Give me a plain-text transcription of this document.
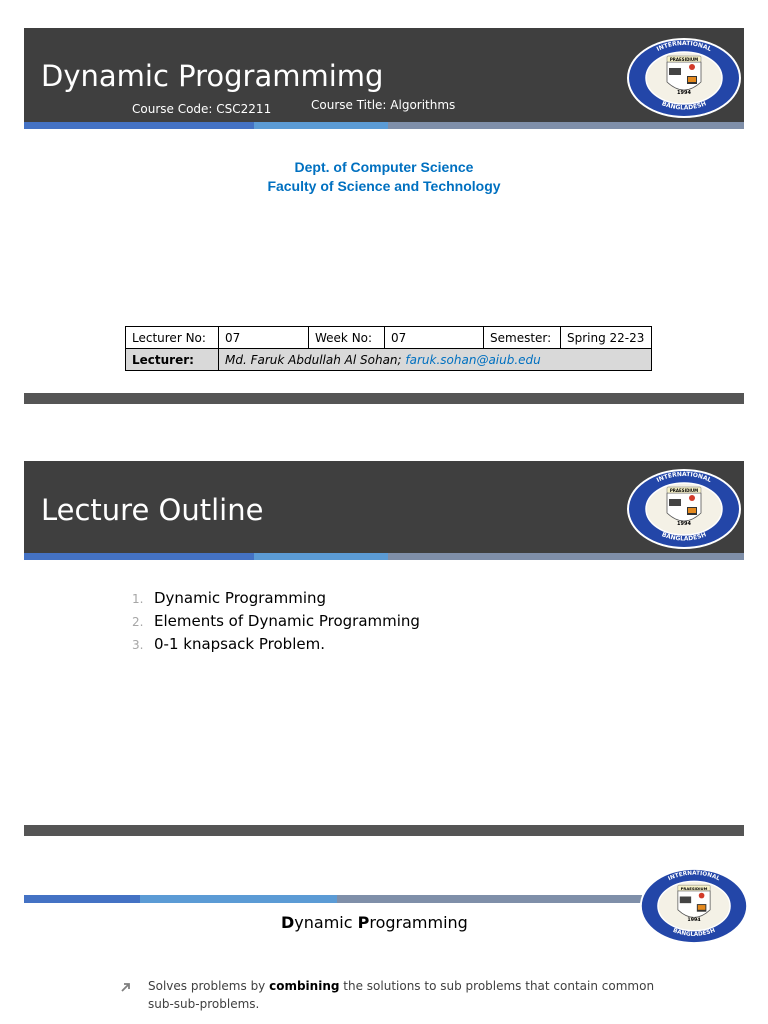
Dynamic Programmimg
Course Code: CSC2211	Course Title: Algorithms
INTERNATIONAL
BANGLADESH
PRAESIDIUM
1994
Dept. of Computer Science
Faculty of Science and Technology
Lecturer No:	07	Week No:	07	Semester:	Spring 22-23
Lecturer:	Md. Faruk Abdullah Al Sohan; faruk.sohan@aiub.edu				
Lecture Outline
INTERNATIONAL
BANGLADESH
PRAESIDIUM
1994
1. Dynamic Programming
2. Elements of Dynamic Programming
3. 0-1 knapsack Problem.
INTERNATIONAL
BANGLADESH
PRAESIDIUM
1994
Dynamic Programming
Solves problems by combining the solutions to sub problems that contain common sub-sub-problems.
